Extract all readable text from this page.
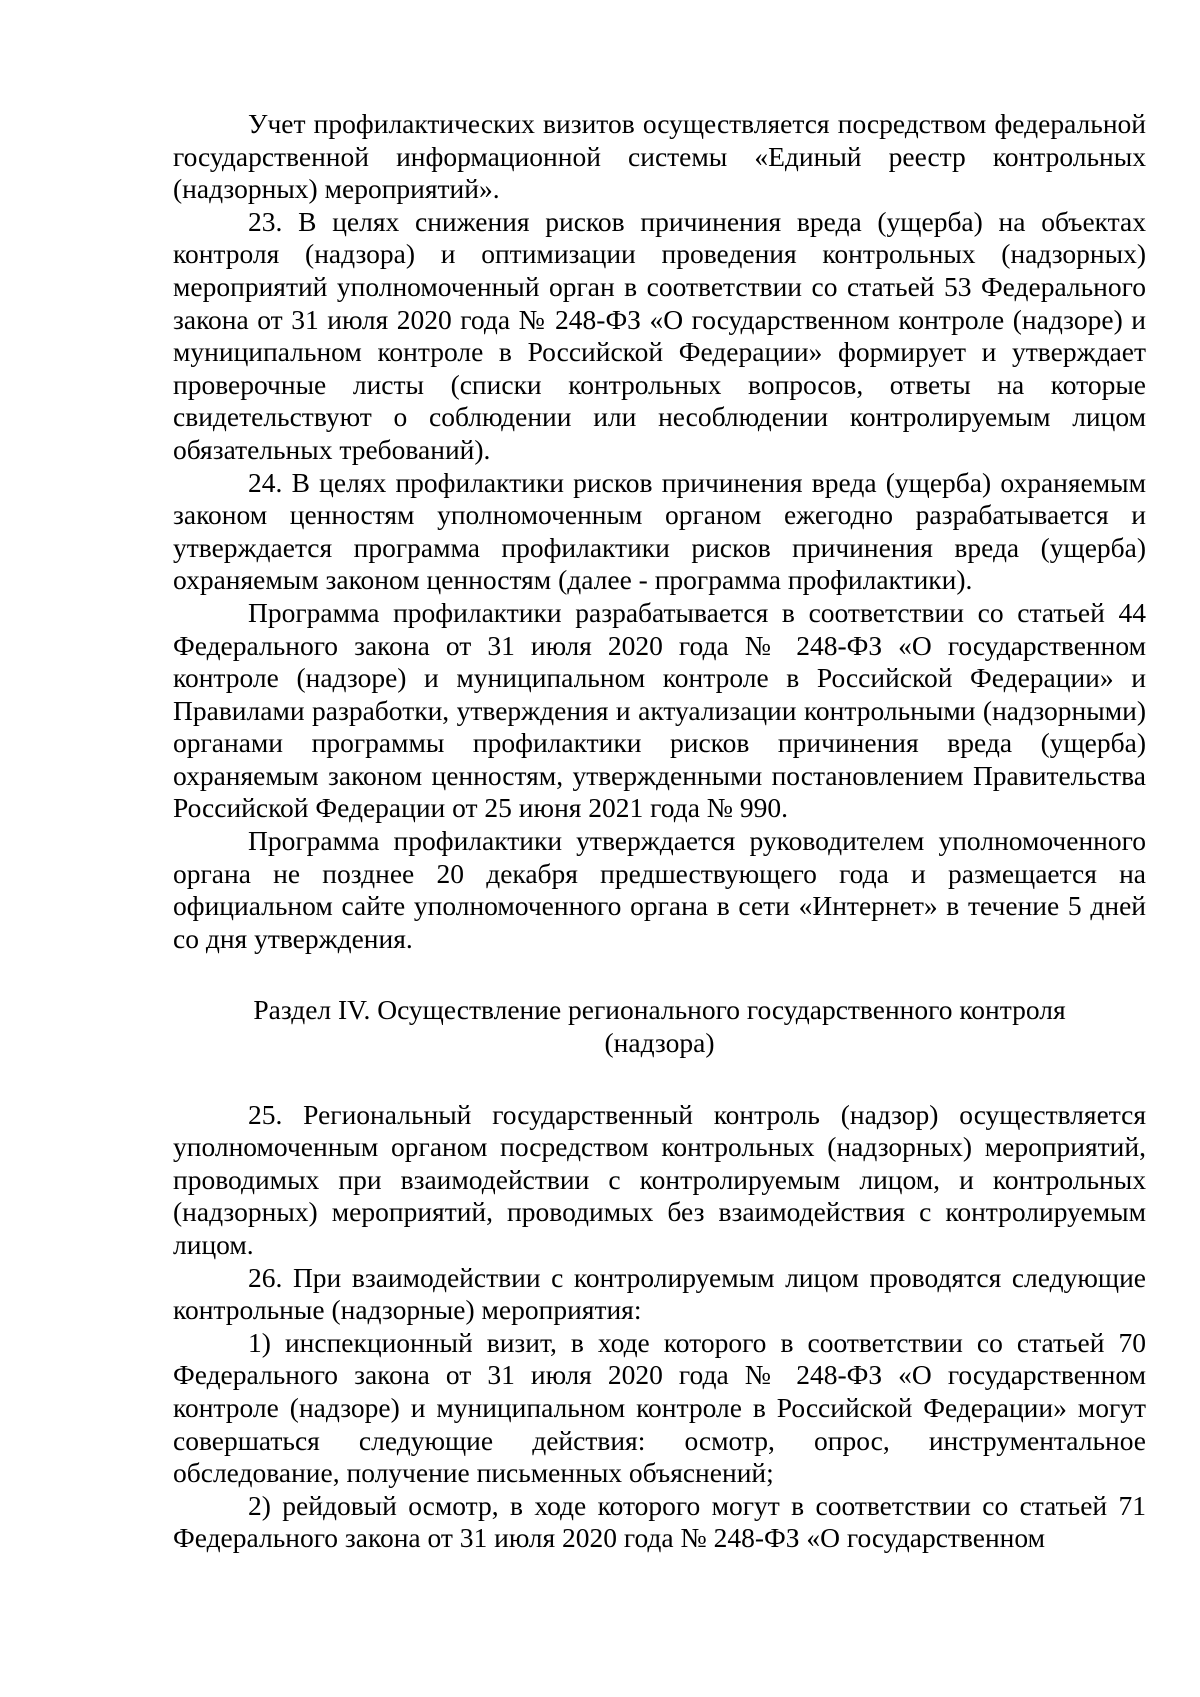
Учет профилактических визитов осуществляется посредством федеральной государственной информационной системы «Единый реестр контрольных (надзорных) мероприятий».

23. В целях снижения рисков причинения вреда (ущерба) на объектах контроля (надзора) и оптимизации проведения контрольных (надзорных) мероприятий уполномоченный орган в соответствии со статьей 53 Федерального закона от 31 июля 2020 года № 248-ФЗ «О государственном контроле (надзоре) и муниципальном контроле в Российской Федерации» формирует и утверждает проверочные листы (списки контрольных вопросов, ответы на которые свидетельствуют о соблюдении или несоблюдении контролируемым лицом обязательных требований).

24. В целях профилактики рисков причинения вреда (ущерба) охраняемым законом ценностям уполномоченным органом ежегодно разрабатывается и утверждается программа профилактики рисков причинения вреда (ущерба) охраняемым законом ценностям (далее - программа профилактики).

Программа профилактики разрабатывается в соответствии со статьей 44 Федерального закона от 31 июля 2020 года № 248-ФЗ «О государственном контроле (надзоре) и муниципальном контроле в Российской Федерации» и Правилами разработки, утверждения и актуализации контрольными (надзорными) органами программы профилактики рисков причинения вреда (ущерба) охраняемым законом ценностям, утвержденными постановлением Правительства Российской Федерации от 25 июня 2021 года № 990.

Программа профилактики утверждается руководителем уполномоченного органа не позднее 20 декабря предшествующего года и размещается на официальном сайте уполномоченного органа в сети «Интернет» в течение 5 дней со дня утверждения.

Раздел IV. Осуществление регионального государственного контроля
(надзора)

25. Региональный государственный контроль (надзор) осуществляется уполномоченным органом посредством контрольных (надзорных) мероприятий, проводимых при взаимодействии с контролируемым лицом, и контрольных (надзорных) мероприятий, проводимых без взаимодействия с контролируемым лицом.

26. При взаимодействии с контролируемым лицом проводятся следующие контрольные (надзорные) мероприятия:

1) инспекционный визит, в ходе которого в соответствии со статьей 70 Федерального закона от 31 июля 2020 года № 248-ФЗ «О государственном контроле (надзоре) и муниципальном контроле в Российской Федерации» могут совершаться следующие действия: осмотр, опрос, инструментальное обследование, получение письменных объяснений;

2) рейдовый осмотр, в ходе которого могут в соответствии со статьей 71 Федерального закона от 31 июля 2020 года № 248-ФЗ «О государственном
